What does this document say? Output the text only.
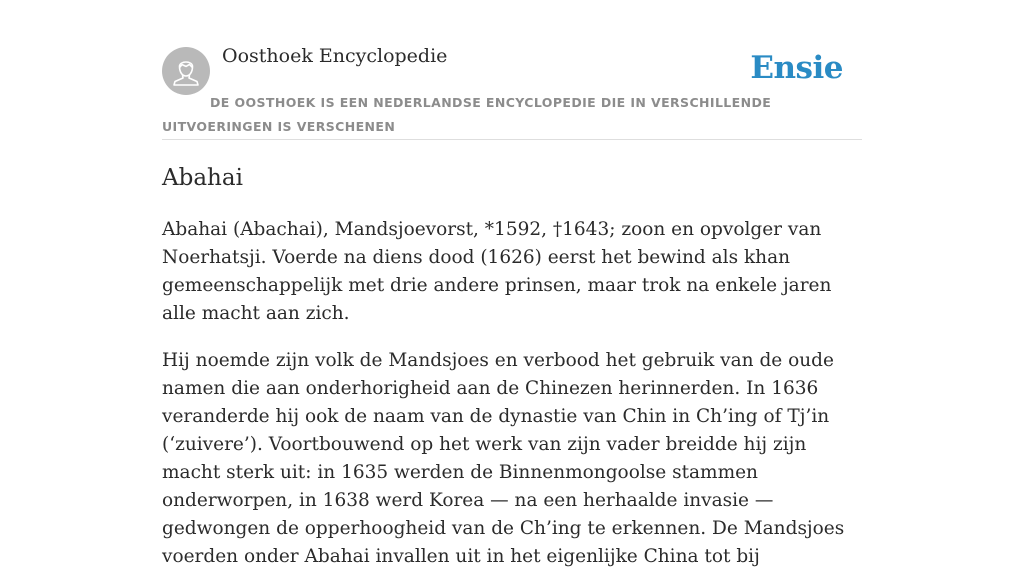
Oosthoek Encyclopedie	Ensie
DE OOSTHOEK IS EEN NEDERLANDSE ENCYCLOPEDIE DIE IN VERSCHILLENDE UITVOERINGEN IS VERSCHENEN
Abahai

Abahai (Abachai), Mandsjoevorst, *1592, †1643; zoon en opvolger van Noerhatsji. Voerde na diens dood (1626) eerst het bewind als khan gemeenschappelijk met drie andere prinsen, maar trok na enkele jaren alle macht aan zich.

Hij noemde zijn volk de Mandsjoes en verbood het gebruik van de oude namen die aan onderhorigheid aan de Chinezen herinnerden. In 1636 veranderde hij ook de naam van de dynastie van Chin in Ch’ing of Tj’in (‘zuivere’). Voortbouwend op het werk van zijn vader breidde hij zijn macht sterk uit: in 1635 werden de Binnenmongoolse stammen onderworpen, in 1638 werd Korea — na een herhaalde invasie — gedwongen de opperhoogheid van de Ch’ing te erkennen. De Mandsjoes voerden onder Abahai invallen uit in het eigenlijke China tot bij
